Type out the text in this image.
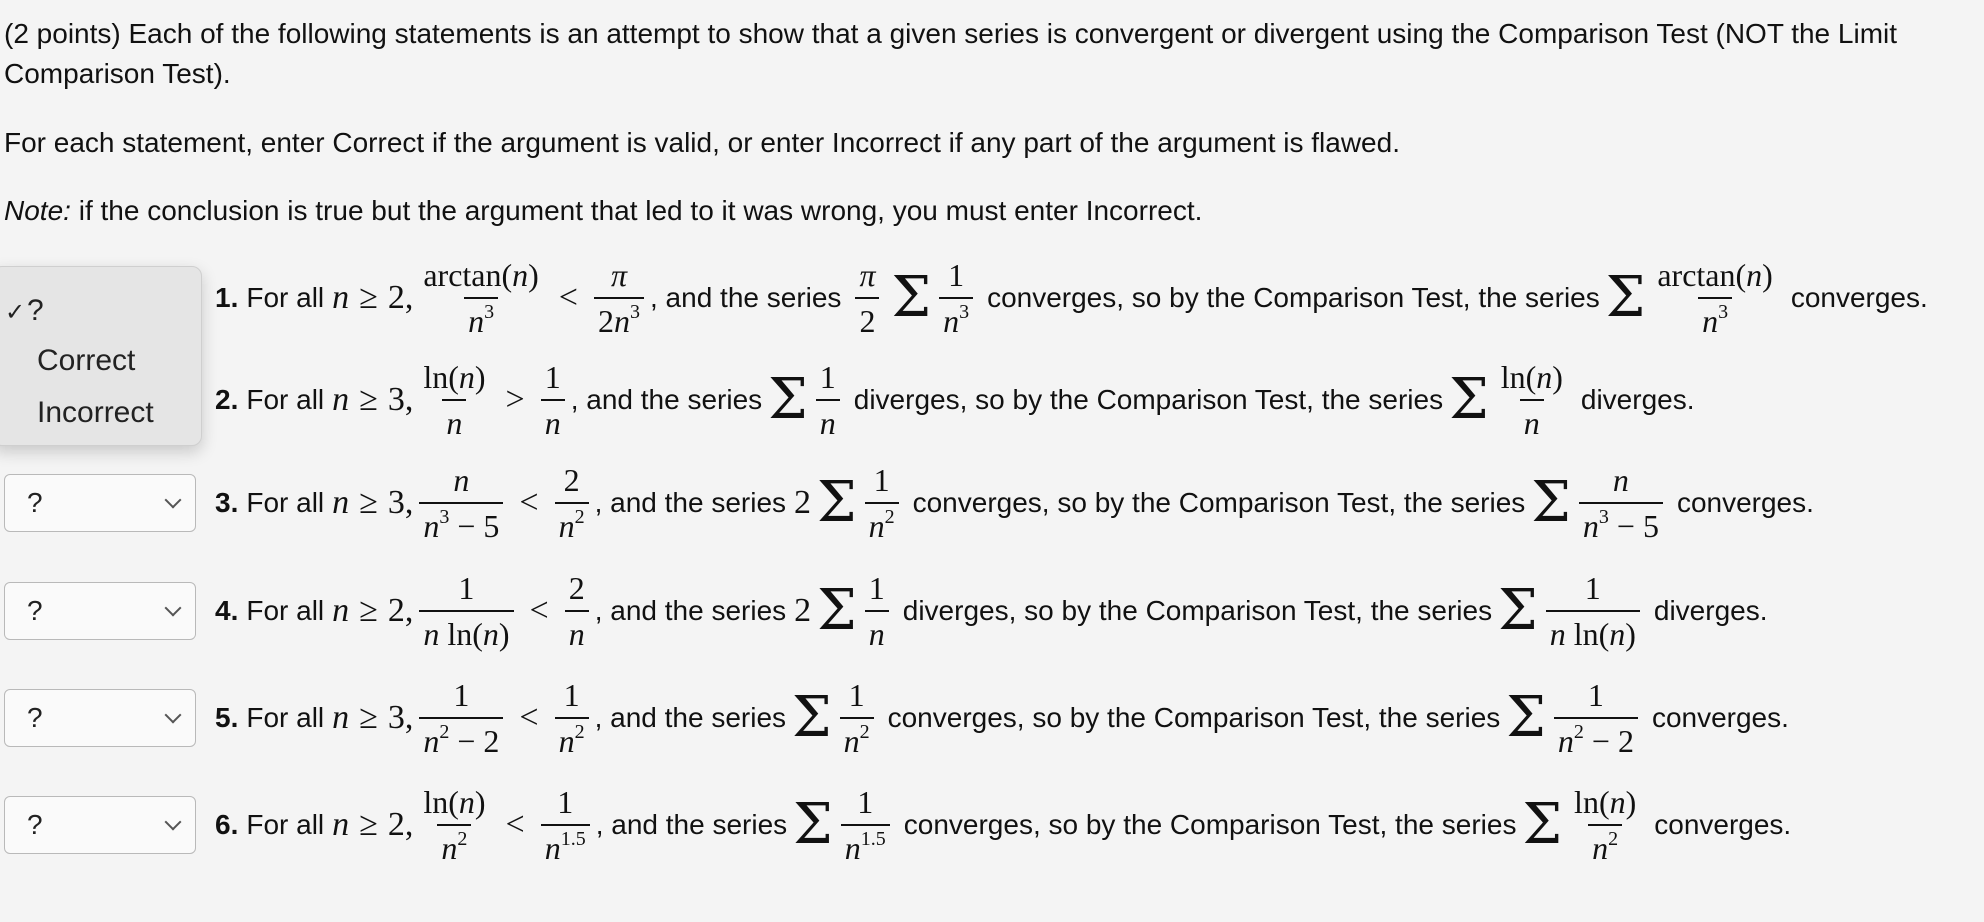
(2 points) Each of the following statements is an attempt to show that a given series is convergent or divergent using the Comparison Test (NOT the Limit Comparison Test).

For each statement, enter Correct if the argument is valid, or enter Incorrect if any part of the argument is flawed.

Note: if the conclusion is true but the argument that led to it was wrong, you must enter Incorrect.

✓?
Correct
Incorrect
?
?
?
?
1. For all n ≥ 2, $\frac{\arctan(n)}{n^3} < \frac{\pi}{2n^3}$ , and the series $\frac{\pi}{2}$ Σ $\frac{1}{n^3}$ converges, so by the Comparison Test, the series Σ $\frac{\arctan(n)}{n^3}$ converges.
2. For all n ≥ 3, $\frac{\ln(n)}{n} > \frac{1}{n}$ , and the series Σ $\frac{1}{n}$ diverges, so by the Comparison Test, the series Σ $\frac{\ln(n)}{n}$ diverges.
3. For all n ≥ 3, $\frac{n}{n^3 - 5} < \frac{2}{n^2}$ , and the series 2 Σ $\frac{1}{n^2}$ converges, so by the Comparison Test, the series Σ $\frac{n}{n^3 - 5}$ converges.
4. For all n ≥ 2, $\frac{1}{\text{n ln(n)}} < \frac{2}{n}$ , and the series 2 Σ $\frac{1}{n}$ diverges, so by the Comparison Test, the series Σ $\frac{1}{\text{n ln(n)}}$ diverges.
5. For all n ≥ 3, $\frac{1}{n^2 - 2} < \frac{1}{n^2}$ , and the series Σ $\frac{1}{n^2}$ converges, so by the Comparison Test, the series Σ $\frac{1}{n^2 - 2}$ converges.
6. For all n ≥ 2, $\frac{\ln(n)}{n^2} < \frac{1}{n^{1.5}}$ , and the series Σ $\frac{1}{n^{1.5}}$ converges, so by the Comparison Test, the series Σ $\frac{\ln(n)}{n^2}$ converges.
